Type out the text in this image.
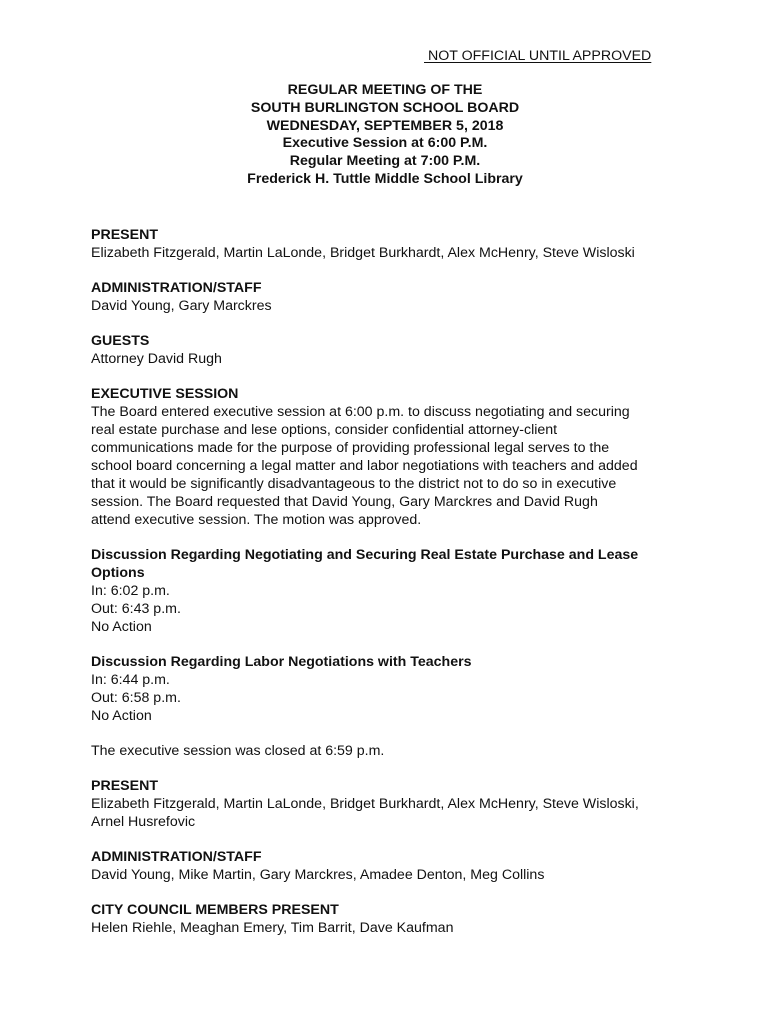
NOT OFFICIAL UNTIL APPROVED
REGULAR MEETING OF THE
SOUTH BURLINGTON SCHOOL BOARD
WEDNESDAY, SEPTEMBER 5, 2018
Executive Session at 6:00 P.M.
Regular Meeting at 7:00 P.M.
Frederick H. Tuttle Middle School Library
PRESENT
Elizabeth Fitzgerald, Martin LaLonde, Bridget Burkhardt, Alex McHenry, Steve Wisloski
ADMINISTRATION/STAFF
David Young, Gary Marckres
GUESTS
Attorney David Rugh
EXECUTIVE SESSION
The Board entered executive session at 6:00 p.m. to discuss negotiating and securing
real estate purchase and lese options, consider confidential attorney-client
communications made for the purpose of providing professional legal serves to the
school board concerning a legal matter and labor negotiations with teachers and added
that it would be significantly disadvantageous to the district not to do so in executive
session. The Board requested that David Young, Gary Marckres and David Rugh
attend executive session. The motion was approved.
Discussion Regarding Negotiating and Securing Real Estate Purchase and Lease
Options
In: 6:02 p.m.
Out: 6:43 p.m.
No Action
Discussion Regarding Labor Negotiations with Teachers
In: 6:44 p.m.
Out: 6:58 p.m.
No Action
The executive session was closed at 6:59 p.m.
PRESENT
Elizabeth Fitzgerald, Martin LaLonde, Bridget Burkhardt, Alex McHenry, Steve Wisloski,
Arnel Husrefovic
ADMINISTRATION/STAFF
David Young, Mike Martin, Gary Marckres, Amadee Denton, Meg Collins
CITY COUNCIL MEMBERS PRESENT
Helen Riehle, Meaghan Emery, Tim Barrit, Dave Kaufman
